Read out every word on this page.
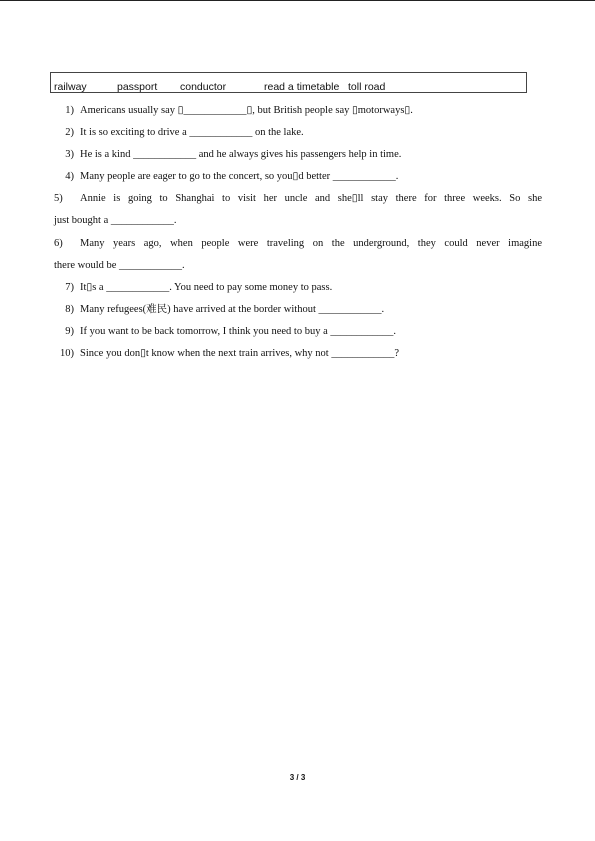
railway	passport conductor	read a timetable toll road
1) Americans usually say ▯____________▯, but British people say ▯motorways▯.
2) It is so exciting to drive a ____________ on the lake.
3) He is a kind ____________ and he always gives his passengers help in time.
4) Many people are eager to go to the concert, so you▯d better ____________.
5) Annie is going to Shanghai to visit her uncle and she▯ll stay there for three weeks. So she
just bought a ____________.
6) Many years ago, when people were traveling on the underground, they could never imagine
there would be ____________.
7) It▯s a ____________. You need to pay some money to pass.
8) Many refugees(难民) have arrived at the border without ____________.
9) If you want to be back tomorrow, I think you need to buy a ____________.
10) Since you don▯t know when the next train arrives, why not ____________?
3 / 3
